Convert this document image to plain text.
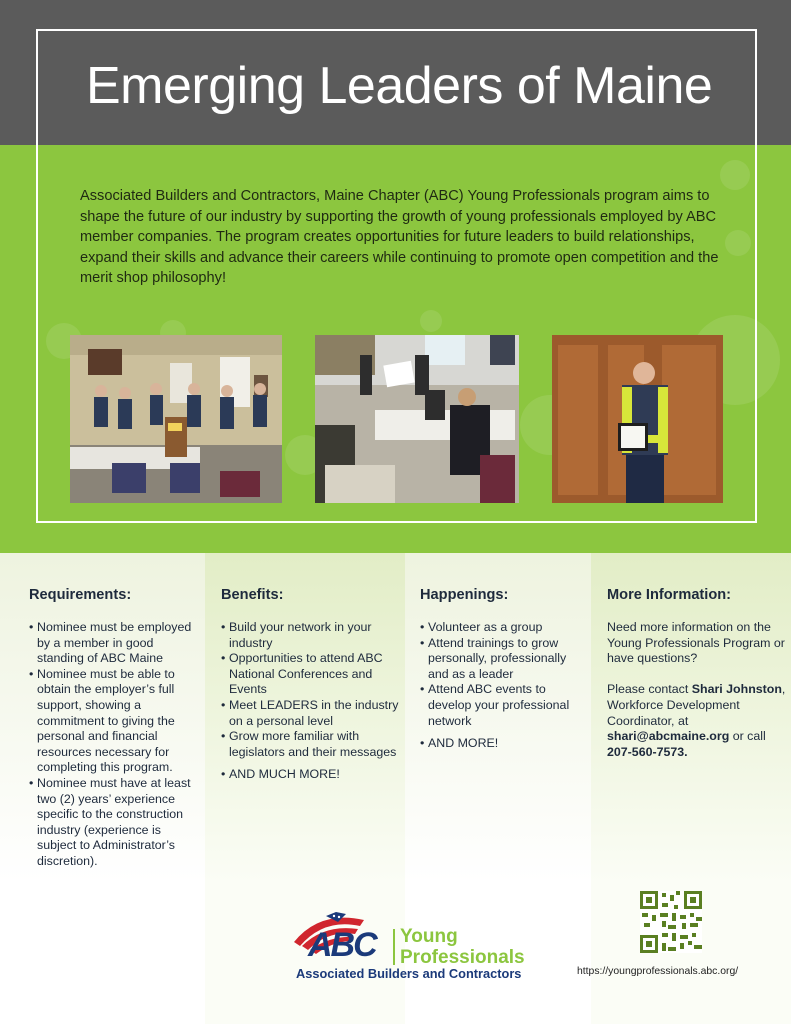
Emerging Leaders of Maine

Associated Builders and Contractors, Maine Chapter (ABC) Young Professionals program aims to shape the future of our industry by supporting the growth of young professionals employed by ABC member companies. The program creates opportunities for future leaders to build relationships, expand their skills and advance their careers while continuing to promote open competition and the merit shop philosophy!

Requirements:
• Nominee must be employed by a member in good standing of ABC Maine
• Nominee must be able to obtain the employer’s full support, showing a commitment to giving the personal and financial resources necessary for completing this program.
• Nominee must have at least two (2) years’ experience specific to the construction industry (experience is subject to Administrator’s discretion).
Benefits:
• Build your network in your industry
• Opportunities to attend ABC National Conferences and Events
• Meet LEADERS in the industry on a personal level
• Grow more familiar with legislators and their messages
• AND MUCH MORE!
Happenings:
• Volunteer as a group
• Attend trainings to grow personally, professionally and as a leader
• Attend ABC events to develop your professional network
• AND MORE!
More Information:

Need more information on the Young Professionals Program or have questions?

Please contact Shari Johnston, Workforce Development Coordinator, at shari@abcmaine.org or call 207-560-7573.

ABC Young
Professionals
Associated Builders and Contractors	https://youngprofessionals.abc.org/
